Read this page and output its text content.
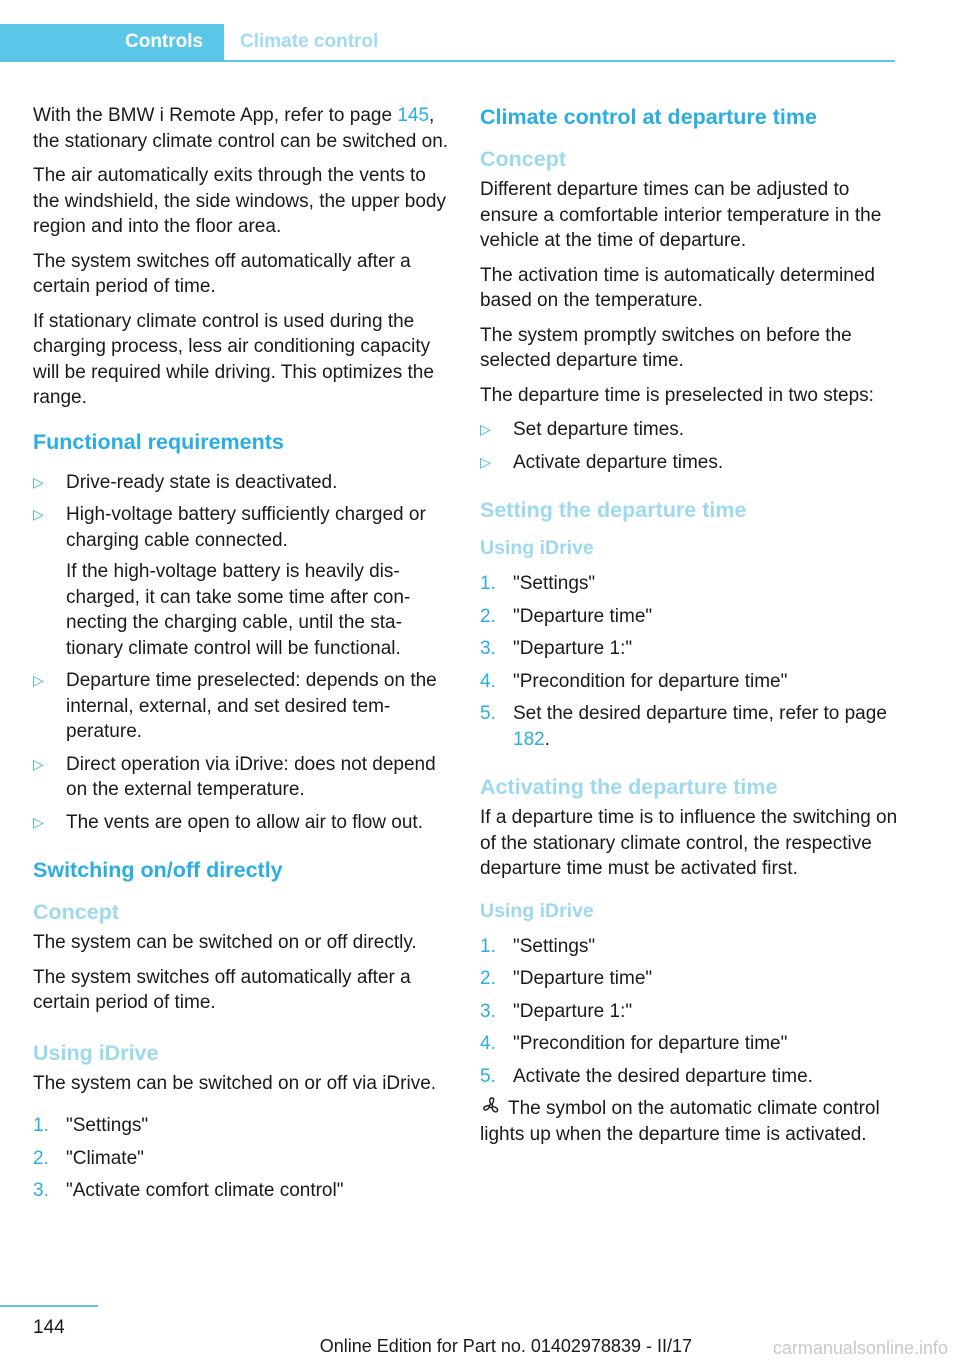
Controls	Climate control

With the BMW i Remote App, refer to page 145, the stationary climate control can be switched on.

The air automatically exits through the vents to the windshield, the side windows, the upper body region and into the floor area.

The system switches off automatically after a certain period of time.

If stationary climate control is used during the charging process, less air conditioning capacity will be required while driving. This optimizes the range.

Functional requirements
▷ Drive-ready state is deactivated.
▷ High-voltage battery sufficiently charged or charging cable connected.
If the high-voltage battery is heavily discharged, it can take some time after connecting the charging cable, until the stationary climate control will be functional.
▷ Departure time preselected: depends on the internal, external, and set desired temperature.
▷ Direct operation via iDrive: does not depend on the external temperature.
▷ The vents are open to allow air to flow out.
Switching on/off directly
Concept

The system can be switched on or off directly.

The system switches off automatically after a certain period of time.

Using iDrive

The system can be switched on or off via iDrive.

1. "Settings"
2. "Climate"
3. "Activate comfort climate control"
Climate control at departure time
Concept

Different departure times can be adjusted to ensure a comfortable interior temperature in the vehicle at the time of departure.

The activation time is automatically determined based on the temperature.

The system promptly switches on before the selected departure time.

The departure time is preselected in two steps:

▷ Set departure times.
▷ Activate departure times.
Setting the departure time
Using iDrive
1. "Settings"
2. "Departure time"
3. "Departure 1:"
4. "Precondition for departure time"
5. Set the desired departure time, refer to page 182.
Activating the departure time

If a departure time is to influence the switching on of the stationary climate control, the respective departure time must be activated first.

Using iDrive
1. "Settings"
2. "Departure time"
3. "Departure 1:"
4. "Precondition for departure time"
5. Activate the desired departure time.

The symbol on the automatic climate control lights up when the departure time is activated.

144
Online Edition for Part no. 01402978839 - II/17	carmanualsonline.info
